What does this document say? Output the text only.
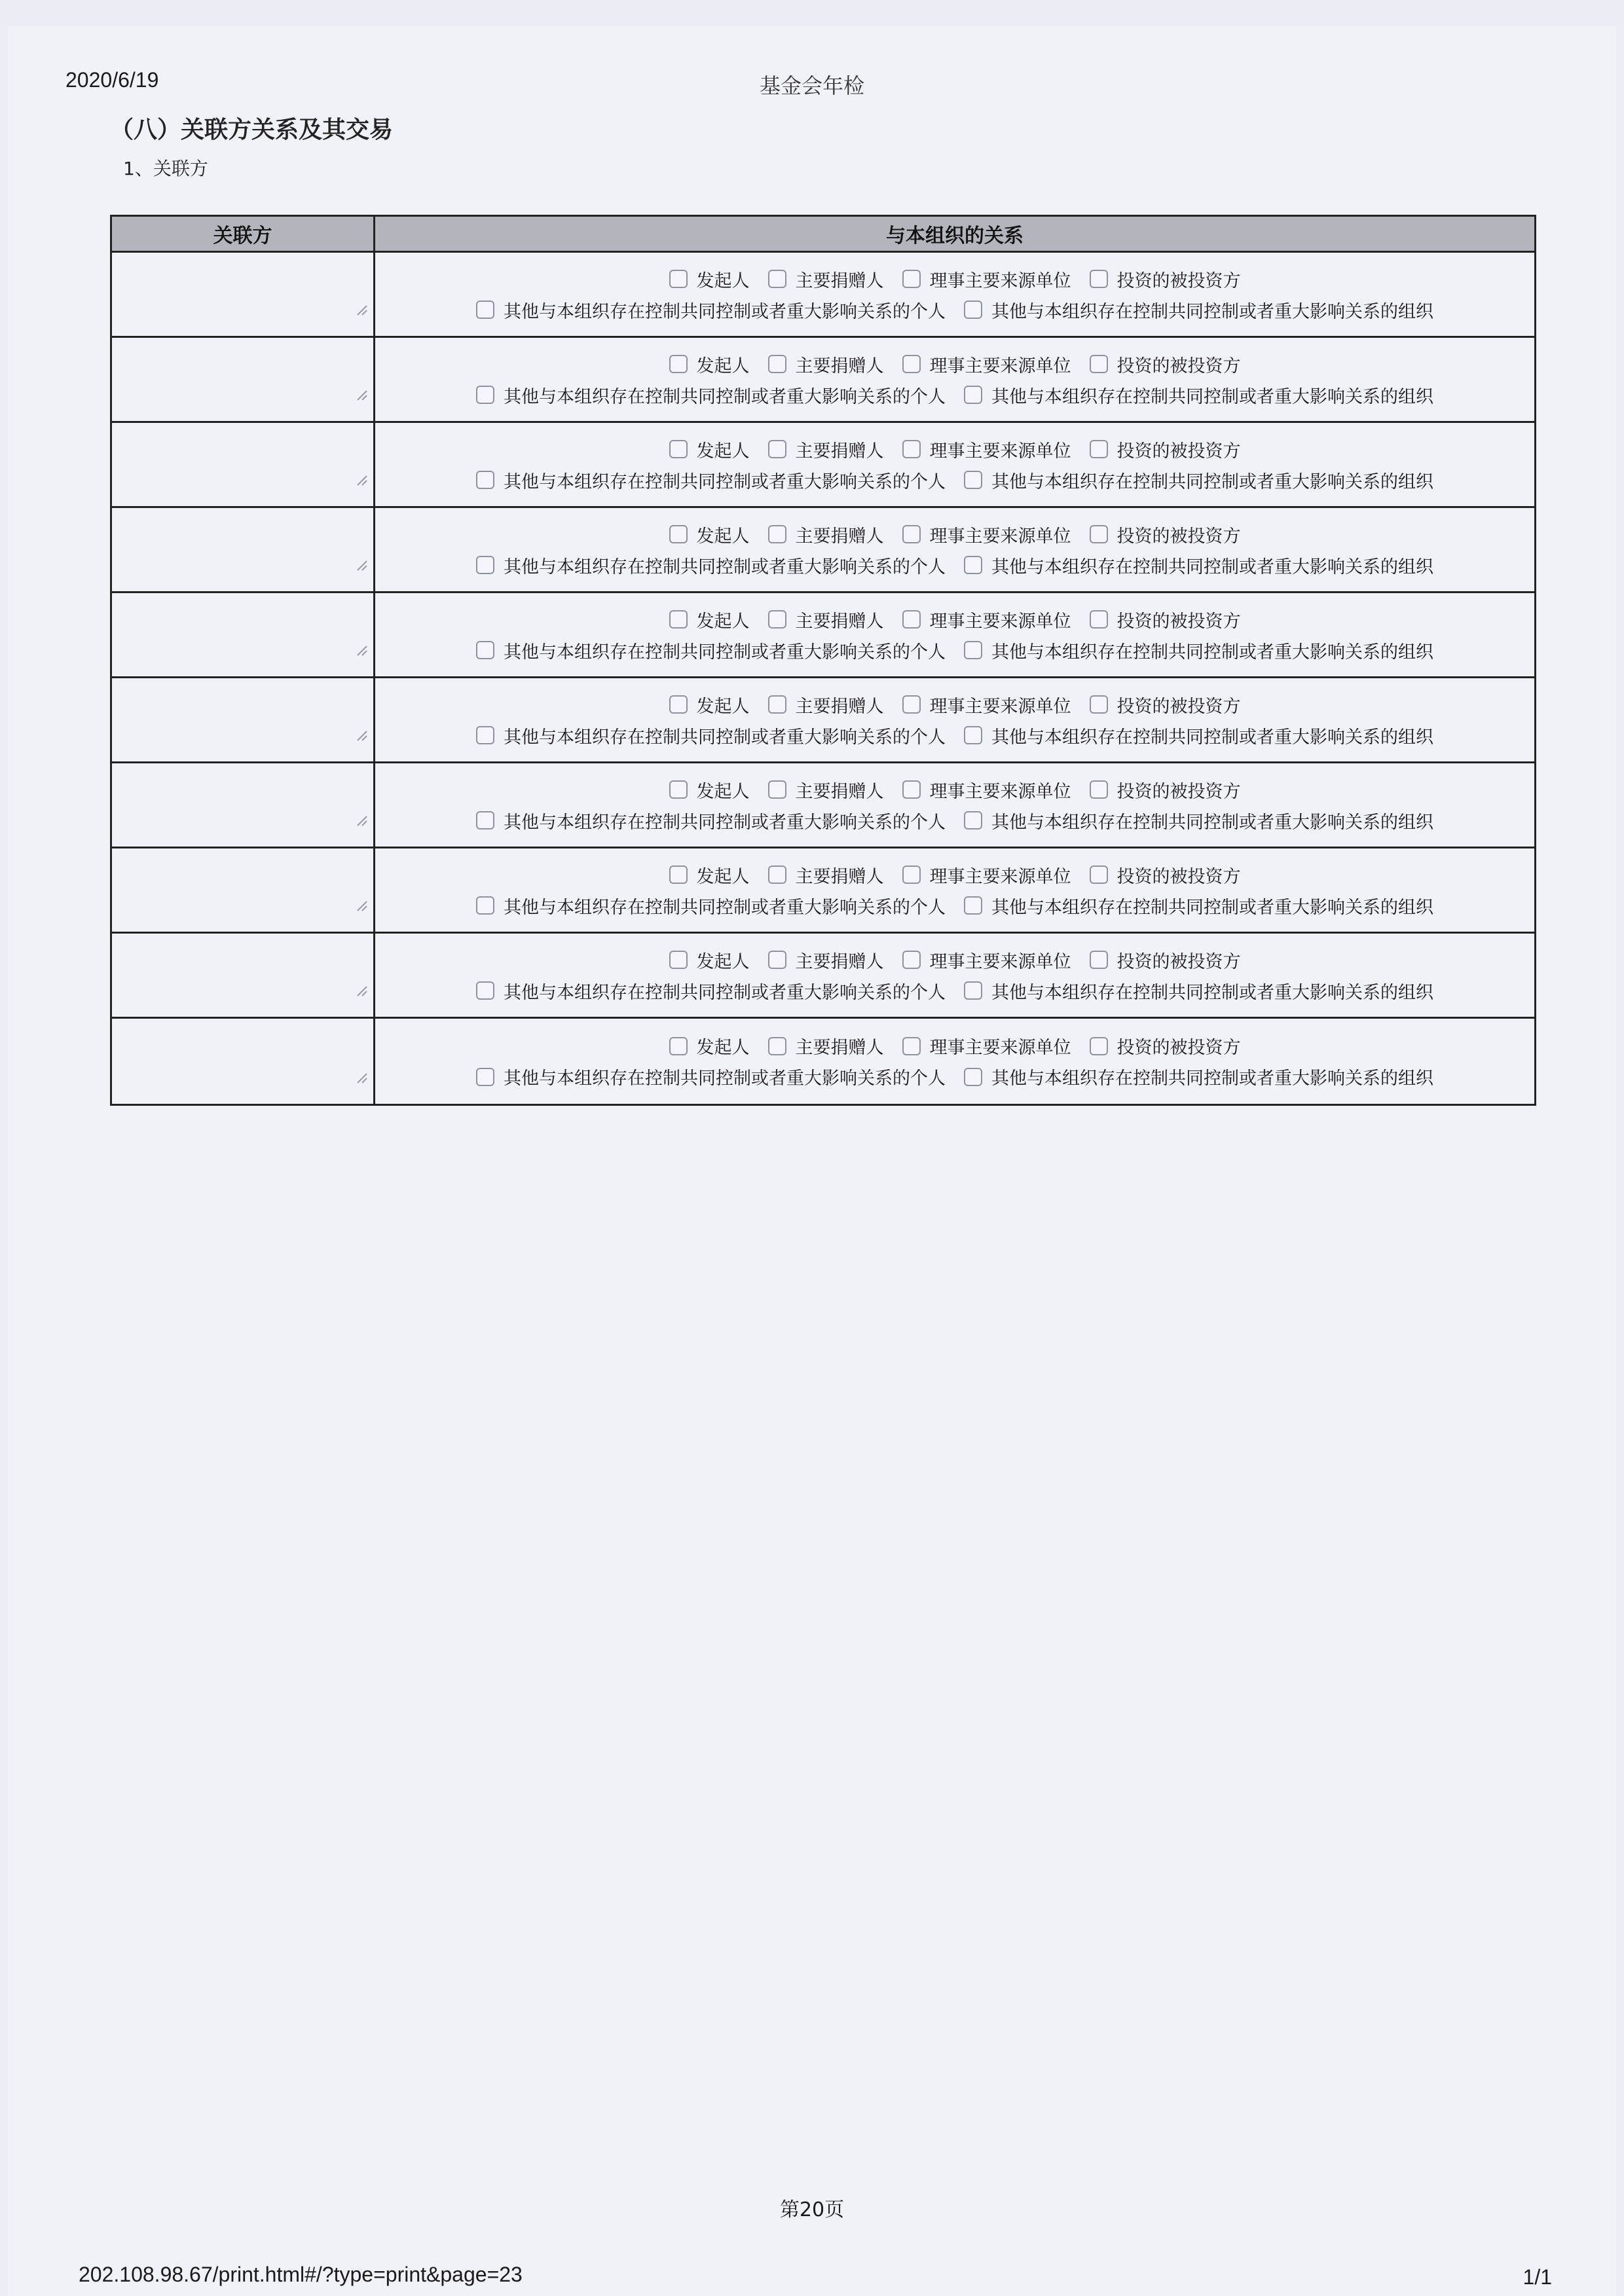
2020/6/19	基金会年检
（八）关联方关系及其交易
1、关联方
关联方	与本组织的关系
发起人	主要捐赠人	理事主要来源单位	投资的被投资方
其他与本组织存在控制共同控制或者重大影响关系的个人	其他与本组织存在控制共同控制或者重大影响关系的组织
发起人	主要捐赠人	理事主要来源单位	投资的被投资方
其他与本组织存在控制共同控制或者重大影响关系的个人	其他与本组织存在控制共同控制或者重大影响关系的组织
发起人	主要捐赠人	理事主要来源单位	投资的被投资方
其他与本组织存在控制共同控制或者重大影响关系的个人	其他与本组织存在控制共同控制或者重大影响关系的组织
发起人	主要捐赠人	理事主要来源单位	投资的被投资方
其他与本组织存在控制共同控制或者重大影响关系的个人	其他与本组织存在控制共同控制或者重大影响关系的组织
发起人	主要捐赠人	理事主要来源单位	投资的被投资方
其他与本组织存在控制共同控制或者重大影响关系的个人	其他与本组织存在控制共同控制或者重大影响关系的组织
发起人	主要捐赠人	理事主要来源单位	投资的被投资方
其他与本组织存在控制共同控制或者重大影响关系的个人	其他与本组织存在控制共同控制或者重大影响关系的组织
发起人	主要捐赠人	理事主要来源单位	投资的被投资方
其他与本组织存在控制共同控制或者重大影响关系的个人	其他与本组织存在控制共同控制或者重大影响关系的组织
发起人	主要捐赠人	理事主要来源单位	投资的被投资方
其他与本组织存在控制共同控制或者重大影响关系的个人	其他与本组织存在控制共同控制或者重大影响关系的组织
发起人	主要捐赠人	理事主要来源单位	投资的被投资方
其他与本组织存在控制共同控制或者重大影响关系的个人	其他与本组织存在控制共同控制或者重大影响关系的组织
发起人	主要捐赠人	理事主要来源单位	投资的被投资方
其他与本组织存在控制共同控制或者重大影响关系的个人	其他与本组织存在控制共同控制或者重大影响关系的组织
第20页
202.108.98.67/print.html#/?type=print&page=23	1/1
